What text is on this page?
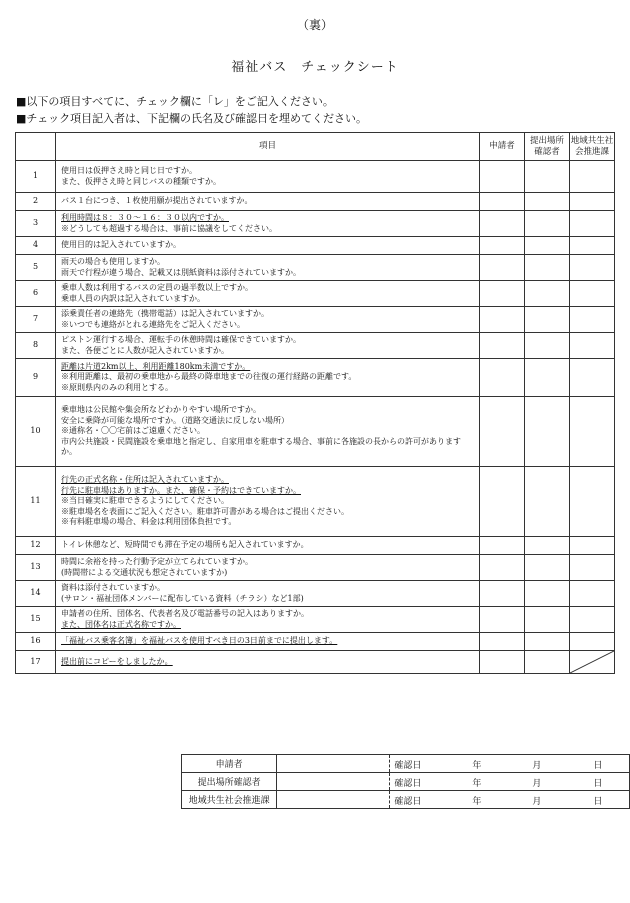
（裏）
福祉バス　チェックシート
■以下の項目すべてに、チェック欄に「レ」をご記入ください。
■チェック項目記入者は、下記欄の氏名及び確認日を埋めてください。
	項目	申請者	提出場所
確認者	地域共生社
会推進課

1	使用日は仮押さえ時と同じ日ですか。
また、仮押さえ時と同じバスの種類ですか。			

2	バス１台につき、１枚使用願が提出されていますか。			

3	利用時間は８：３０～１６：３０以内ですか。
※どうしても超過する場合は、事前に協議をしてください。			

4	使用目的は記入されていますか。			

5	雨天の場合も使用しますか。
雨天で行程が違う場合、記載又は別紙資料は添付されていますか。			

6	乗車人数は利用するバスの定員の過半数以上ですか。
乗車人員の内訳は記入されていますか。			

7	添乗責任者の連絡先（携帯電話）は記入されていますか。
※いつでも連絡がとれる連絡先をご記入ください。			

8	ピストン運行する場合、運転手の休憩時間は確保できていますか。
また、各便ごとに人数が記入されていますか。			

9	距離は片道2km以上、利用距離180km未満ですか。
※利用距離は、最初の乗車地から最終の降車地までの往復の運行経路の距離です。
※原則県内のみの利用とする。			

10	乗車地は公民館や集会所などわかりやすい場所ですか。
安全に乗降が可能な場所ですか。（道路交通法に反しない場所）
※通称名・〇〇宅前はご遠慮ください。
市内公共施設・民間施設を乗車地と指定し、自家用車を駐車する場合、事前に各施設の長からの許可がありますか。			

11	行先の正式名称・住所は記入されていますか。
行先に駐車場はありますか。また、確保・予約はできていますか。
※当日確実に駐車できるようにしてください。
※駐車場名を表面にご記入ください。駐車許可書がある場合はご提出ください。
※有料駐車場の場合、料金は利用団体負担です。			

12	トイレ休憩など、短時間でも滞在予定の場所も記入されていますか。			

13	時間に余裕を持った行動予定が立てられていますか。
(時間帯による交通状況も想定されていますか)			

14	資料は添付されていますか。
(サロン・福祉団体メンバーに配布している資料（チラシ）など1部)			

15	申請者の住所、団体名、代表者名及び電話番号の記入はありますか。
また、団体名は正式名称ですか。			

16	「福祉バス乗客名簿」を福祉バスを使用すべき日の3日前までに提出します。			

17	提出前にコピーをしましたか。

申請者		確認日 年 月 日

提出場所確認者		確認日 年 月 日

地域共生社会推進課		確認日 年 月 日
